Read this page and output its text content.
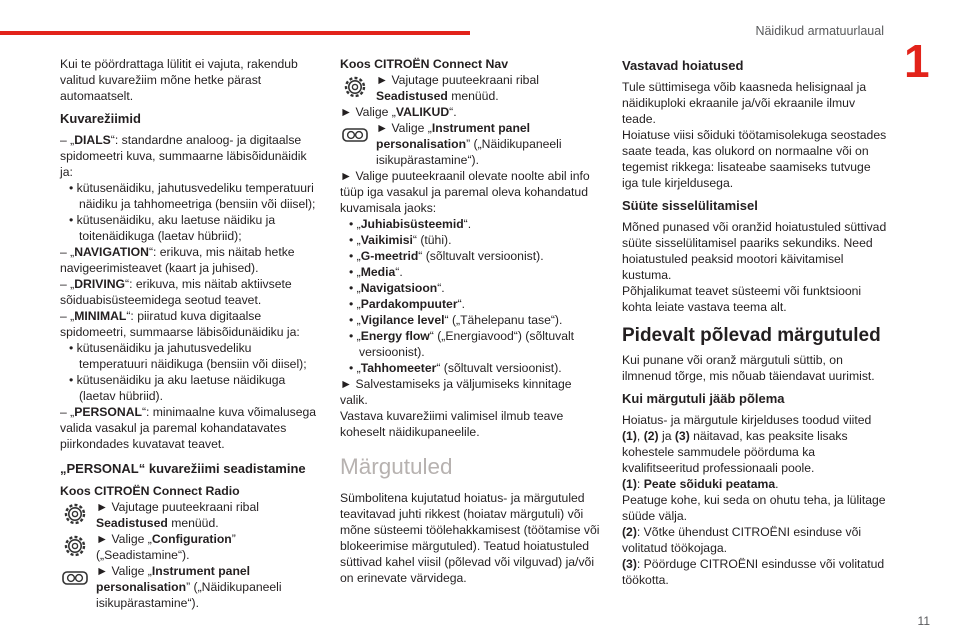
Näidikud armatuurlaual
1
11

Kui te pöördrattaga lülitit ei vajuta, rakendub valitud kuvarežiim mõne hetke pärast automaatselt.

Kuvarežiimid

– „DIALS“: standardne analoog- ja digitaalse spidomeetri kuva, summaarne läbisõidunäidik ja:

• kütusenäidiku, jahutusvedeliku temperatuuri näidiku ja tahhomeetriga (bensiin või diisel);

• kütusenäidiku, aku laetuse näidiku ja toitenäidikuga (laetav hübriid);

– „NAVIGATION“: erikuva, mis näitab hetke navigeerimisteavet (kaart ja juhised).

– „DRIVING“: erikuva, mis näitab aktiivsete sõiduabisüsteemidega seotud teavet.

– „MINIMAL“: piiratud kuva digitaalse spidomeetri, summaarse läbisõidunäidiku ja:

• kütusenäidiku ja jahutusvedeliku temperatuuri näidikuga (bensiin või diisel);

• kütusenäidiku ja aku laetuse näidikuga (laetav hübriid).

– „PERSONAL“: minimaalne kuva võimalusega valida vasakul ja paremal kohandatavates piirkondades kuvatavat teavet.

„PERSONAL“ kuvarežiimi seadistamine

Koos CITROËN Connect Radio

► Vajutage puuteekraani ribal Seadistused menüüd.

► Valige „Configuration” („Seadistamine“).

► Valige „Instrument panel personalisation” („Näidikupaneeli isikupärastamine“).

Koos CITROËN Connect Nav

► Vajutage puuteekraani ribal Seadistused menüüd.

► Valige „VALIKUD“.

► Valige „Instrument panel personalisation” („Näidikupaneeli isikupärastamine“).

► Valige puuteekraanil olevate noolte abil info tüüp iga vasakul ja paremal oleva kohandatud kuvamisala jaoks:

• „Juhiabisüsteemid“.

• „Vaikimisi“ (tühi).

• „G-meetrid“ (sõltuvalt versioonist).

• „Media“.

• „Navigatsioon“.

• „Pardakompuuter“.

• „Vigilance level“ („Tähelepanu tase“).

• „Energy flow“ („Energiavood“) (sõltuvalt versioonist).

• „Tahhomeeter“ (sõltuvalt versioonist).

► Salvestamiseks ja väljumiseks kinnitage valik.

Vastava kuvarežiimi valimisel ilmub teave koheselt näidikupaneelile.

Märgutuled

Sümbolitena kujutatud hoiatus- ja märgutuled teavitavad juhti rikkest (hoiatav märgutuli) või mõne süsteemi töölehakkamisest (töötamise või blokeerimise märgutuled). Teatud hoiatustuled süttivad kahel viisil (põlevad või vilguvad) ja/või on erinevate värvidega.

Vastavad hoiatused

Tule süttimisega võib kaasneda helisignaal ja näidikuploki ekraanile ja/või ekraanile ilmuv teade.

Hoiatuse viisi sõiduki töötamisolekuga seostades saate teada, kas olukord on normaalne või on tegemist rikkega: lisateabe saamiseks tutvuge iga tule kirjeldusega.

Süüte sisselülitamisel

Mõned punased või oranžid hoiatustuled süttivad süüte sisselülitamisel paariks sekundiks. Need hoiatustuled peaksid mootori käivitamisel kustuma.

Põhjalikumat teavet süsteemi või funktsiooni kohta leiate vastava teema alt.

Pidevalt põlevad märgutuled

Kui punane või oranž märgutuli süttib, on ilmnenud tõrge, mis nõuab täiendavat uurimist.

Kui märgutuli jääb põlema

Hoiatus- ja märgutule kirjelduses toodud viited (1), (2) ja (3) näitavad, kas peaksite lisaks kohestele sammudele pöörduma ka kvalifitseeritud professionaali poole.

(1): Peate sõiduki peatama.

Peatuge kohe, kui seda on ohutu teha, ja lülitage süüde välja.

(2): Võtke ühendust CITROËNI esinduse või volitatud töökojaga.

(3): Pöörduge CITROËNI esindusse või volitatud töökotta.
